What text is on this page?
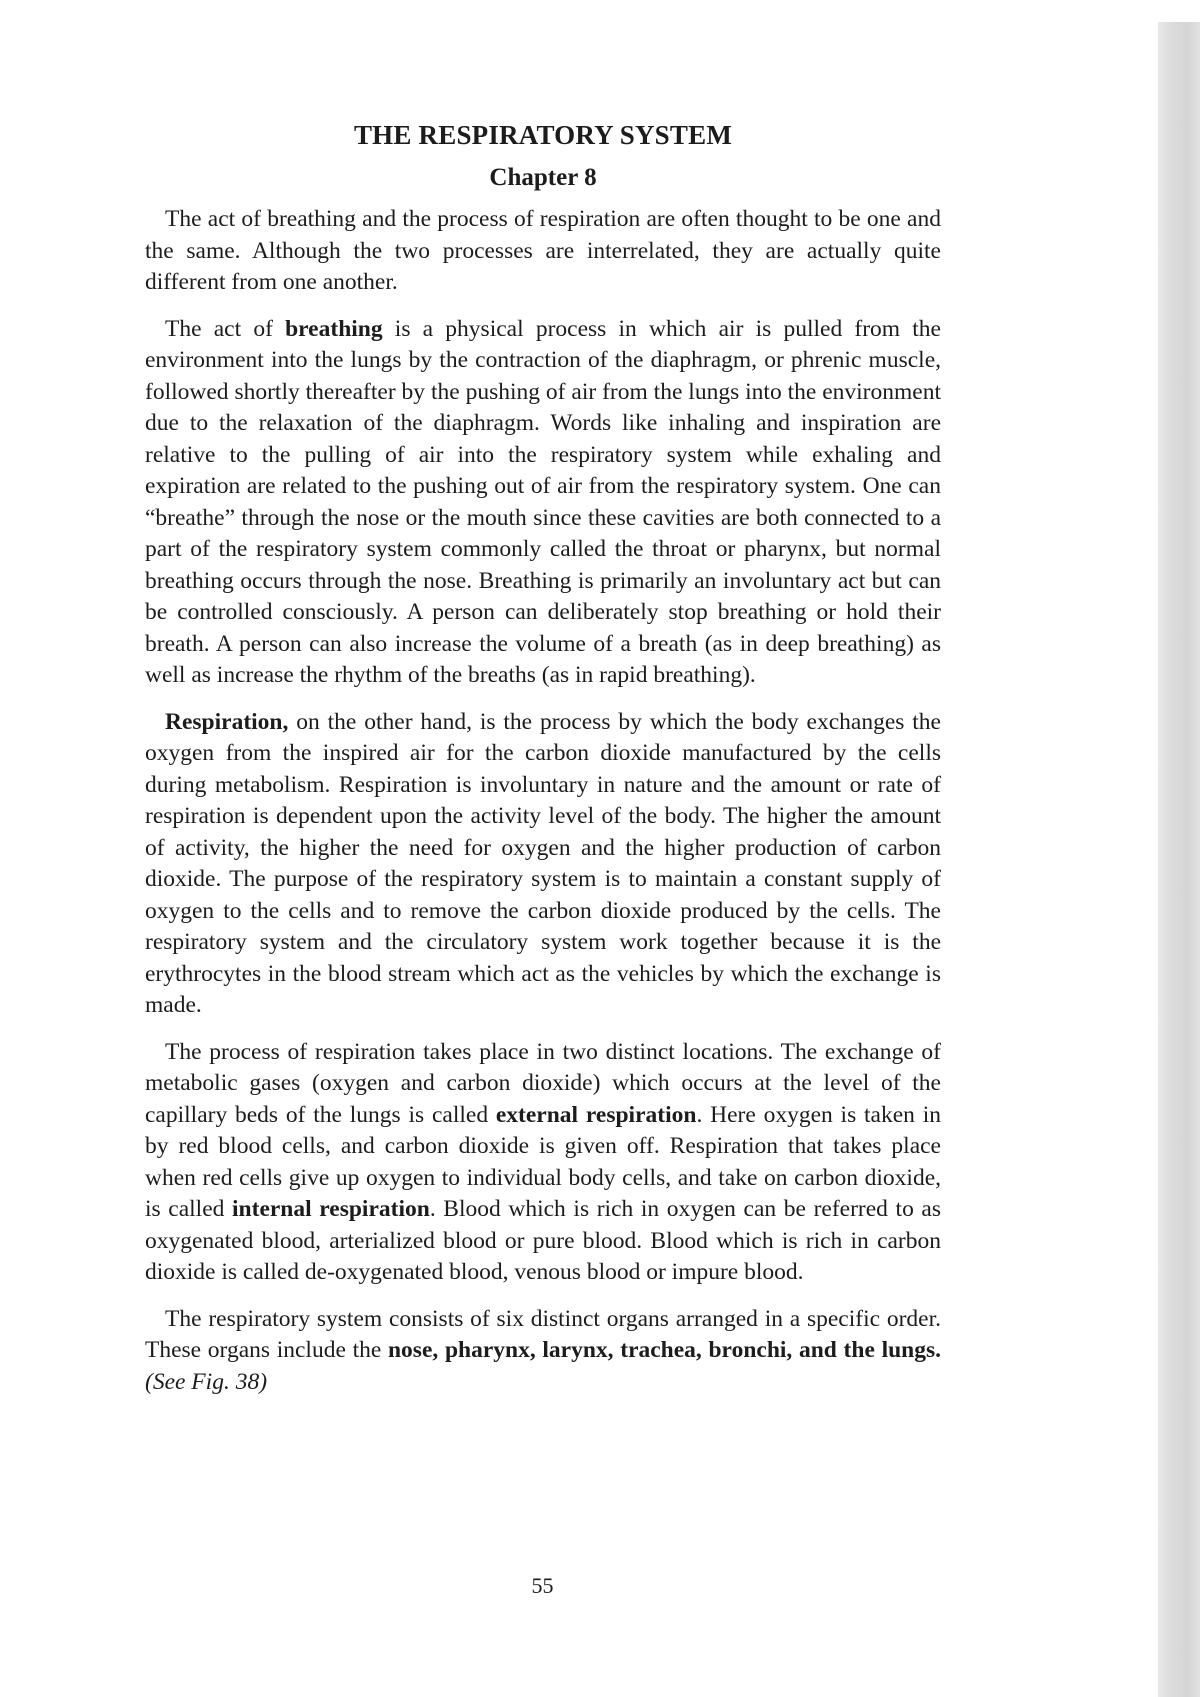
THE RESPIRATORY SYSTEM
Chapter 8

The act of breathing and the process of respiration are often thought to be one and the same. Although the two processes are interrelated, they are actually quite different from one another.

The act of breathing is a physical process in which air is pulled from the environment into the lungs by the contraction of the diaphragm, or phrenic muscle, followed shortly thereafter by the pushing of air from the lungs into the environment due to the relaxation of the diaphragm. Words like inhaling and inspiration are relative to the pulling of air into the respiratory system while exhaling and expiration are related to the pushing out of air from the respiratory system. One can “breathe” through the nose or the mouth since these cavities are both connected to a part of the respiratory system commonly called the throat or pharynx, but normal breathing occurs through the nose. Breathing is primarily an involuntary act but can be controlled consciously. A person can deliberately stop breathing or hold their breath. A person can also increase the volume of a breath (as in deep breathing) as well as increase the rhythm of the breaths (as in rapid breathing).

Respiration, on the other hand, is the process by which the body exchanges the oxygen from the inspired air for the carbon dioxide manufactured by the cells during metabolism. Respiration is involuntary in nature and the amount or rate of respiration is dependent upon the activity level of the body. The higher the amount of activity, the higher the need for oxygen and the higher production of carbon dioxide. The purpose of the respiratory system is to maintain a constant supply of oxygen to the cells and to remove the carbon dioxide produced by the cells. The respiratory system and the circulatory system work together because it is the erythrocytes in the blood stream which act as the vehicles by which the exchange is made.

The process of respiration takes place in two distinct locations. The exchange of metabolic gases (oxygen and carbon dioxide) which occurs at the level of the capillary beds of the lungs is called external respiration. Here oxygen is taken in by red blood cells, and carbon dioxide is given off. Respiration that takes place when red cells give up oxygen to individual body cells, and take on carbon dioxide, is called internal respiration. Blood which is rich in oxygen can be referred to as oxygenated blood, arterialized blood or pure blood. Blood which is rich in carbon dioxide is called de-oxygenated blood, venous blood or impure blood.

The respiratory system consists of six distinct organs arranged in a specific order. These organs include the nose, pharynx, larynx, trachea, bronchi, and the lungs. (See Fig. 38)

55
